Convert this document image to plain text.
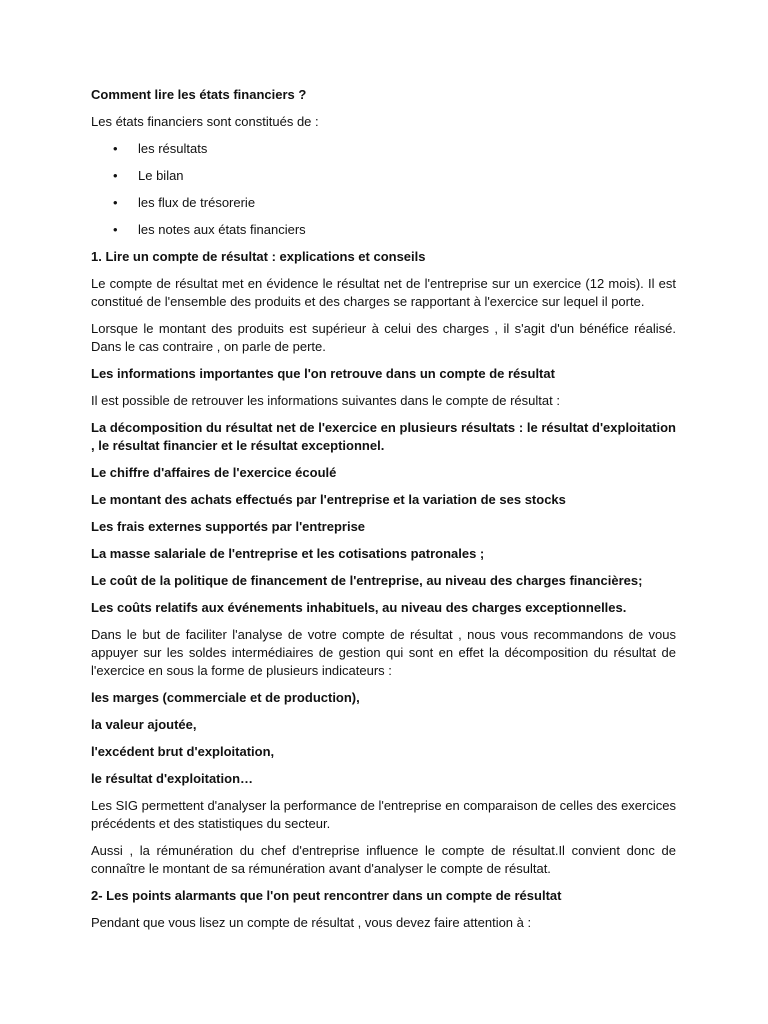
Comment lire les états financiers ?

Les états financiers sont constitués de :

• les résultats
• Le bilan
• les flux de trésorerie
• les notes aux états financiers

1. Lire un compte de résultat : explications et conseils

Le compte de résultat met en évidence le résultat net de l'entreprise sur un exercice (12 mois). Il est constitué de l'ensemble des produits et des charges se rapportant à l'exercice sur lequel il porte.

Lorsque le montant des produits est supérieur à celui des charges , il s'agit d'un bénéfice réalisé. Dans le cas contraire , on parle de perte.

Les informations importantes que l'on retrouve dans un compte de résultat

Il est possible de retrouver les informations suivantes dans le compte de résultat :

La décomposition du résultat net de l'exercice en plusieurs résultats : le résultat d'exploitation , le résultat financier et le résultat exceptionnel.

Le chiffre d'affaires de l'exercice écoulé

Le montant des achats effectués par l'entreprise et la variation de ses stocks

Les frais externes supportés par l'entreprise

La masse salariale de l'entreprise et les cotisations patronales ;

Le coût de la politique de financement de l'entreprise, au niveau des charges financières;

Les coûts relatifs aux événements inhabituels, au niveau des charges exceptionnelles.

Dans le but de faciliter l'analyse de votre compte de résultat , nous vous recommandons de vous appuyer sur les soldes intermédiaires de gestion qui sont en effet la décomposition du résultat de l'exercice en sous la forme de plusieurs indicateurs :

les marges (commerciale et de production),

la valeur ajoutée,

l'excédent brut d'exploitation,

le résultat d'exploitation…

Les SIG permettent d'analyser la performance de l'entreprise en comparaison de celles des exercices précédents et des statistiques du secteur.

Aussi , la rémunération du chef d'entreprise influence le compte de résultat.Il convient donc de connaître le montant de sa rémunération avant d'analyser le compte de résultat.

2- Les points alarmants que l'on peut rencontrer dans un compte de résultat

Pendant que vous lisez un compte de résultat , vous devez faire attention à :
